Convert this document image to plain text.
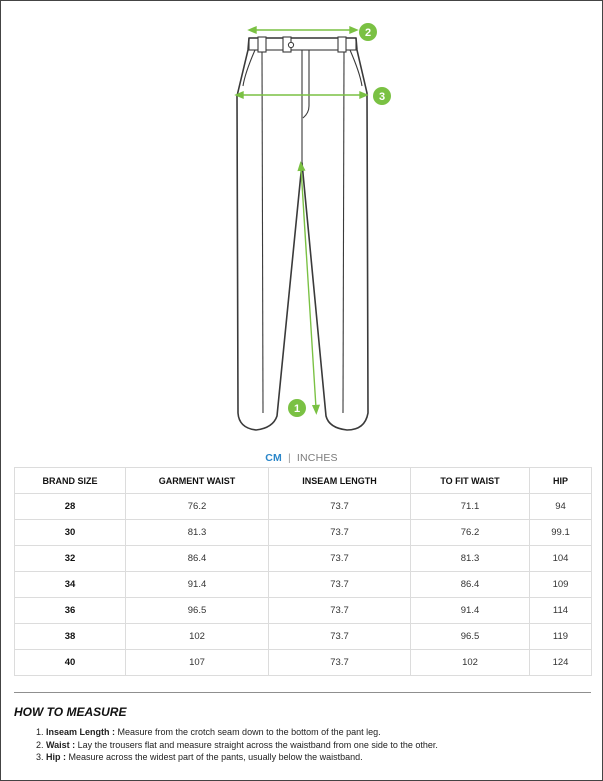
1
2
3
CM | INCHES
BRAND SIZE	GARMENT WAIST	INSEAM LENGTH	TO FIT WAIST	HIP
28	76.2	73.7	71.1	94
30	81.3	73.7	76.2	99.1
32	86.4	73.7	81.3	104
34	91.4	73.7	86.4	109
36	96.5	73.7	91.4	114
38	102	73.7	96.5	119
40	107	73.7	102	124
HOW TO MEASURE
1. Inseam Length : Measure from the crotch seam down to the bottom of the pant leg.
2. Waist : Lay the trousers flat and measure straight across the waistband from one side to the other.
3. Hip : Measure across the widest part of the pants, usually below the waistband.
